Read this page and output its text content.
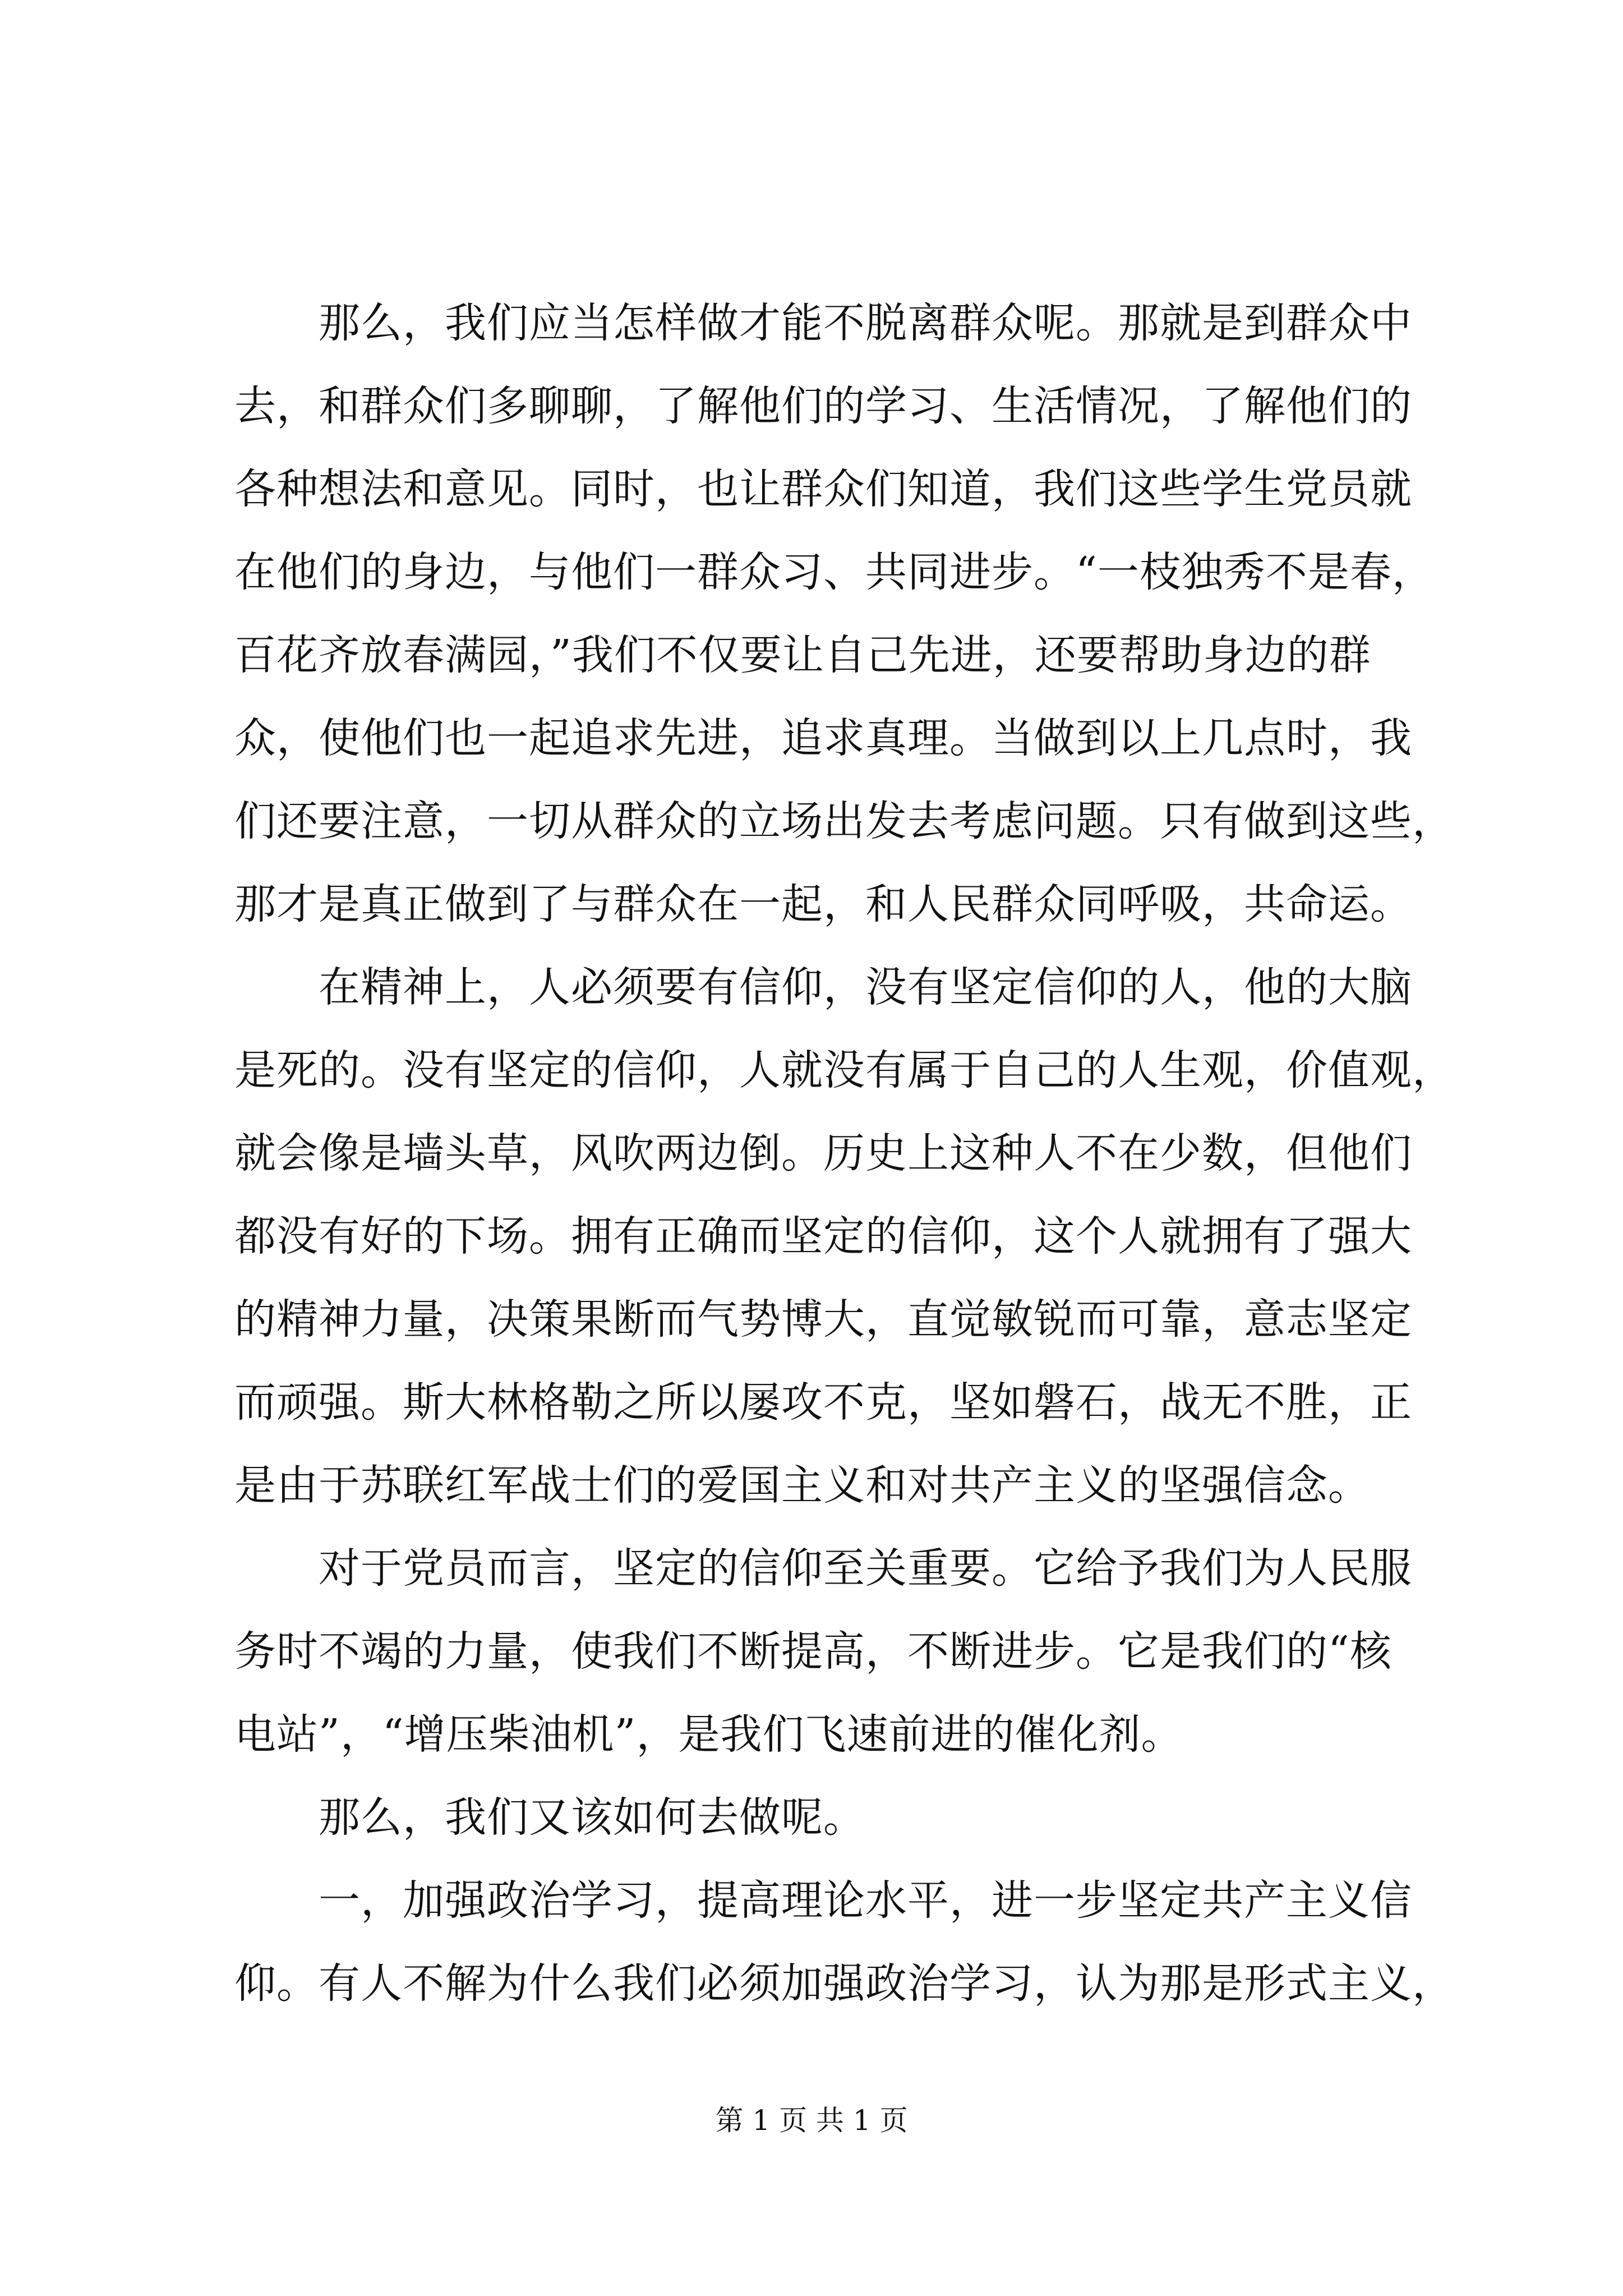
　　那么，我们应当怎样做才能不脱离群众呢。那就是到群众中
去，和群众们多聊聊，了解他们的学习、生活情况，了解他们的
各种想法和意见。同时，也让群众们知道，我们这些学生党员就
在他们的身边，与他们一群众习、共同进步。“一枝独秀不是春，
百花齐放春满园，”我们不仅要让自己先进，还要帮助身边的群
众，使他们也一起追求先进，追求真理。当做到以上几点时，我
们还要注意，一切从群众的立场出发去考虑问题。只有做到这些，
那才是真正做到了与群众在一起，和人民群众同呼吸，共命运。
　　在精神上，人必须要有信仰，没有坚定信仰的人，他的大脑
是死的。没有坚定的信仰，人就没有属于自己的人生观，价值观，
就会像是墙头草，风吹两边倒。历史上这种人不在少数，但他们
都没有好的下场。拥有正确而坚定的信仰，这个人就拥有了强大
的精神力量，决策果断而气势博大，直觉敏锐而可靠，意志坚定
而顽强。斯大林格勒之所以屡攻不克，坚如磐石，战无不胜，正
是由于苏联红军战士们的爱国主义和对共产主义的坚强信念。
　　对于党员而言，坚定的信仰至关重要。它给予我们为人民服
务时不竭的力量，使我们不断提高，不断进步。它是我们的“核
电站”，“增压柴油机”，是我们飞速前进的催化剂。
　　那么，我们又该如何去做呢。
　　一，加强政治学习，提高理论水平，进一步坚定共产主义信
仰。有人不解为什么我们必须加强政治学习，认为那是形式主义，
第 1 页 共 1 页
